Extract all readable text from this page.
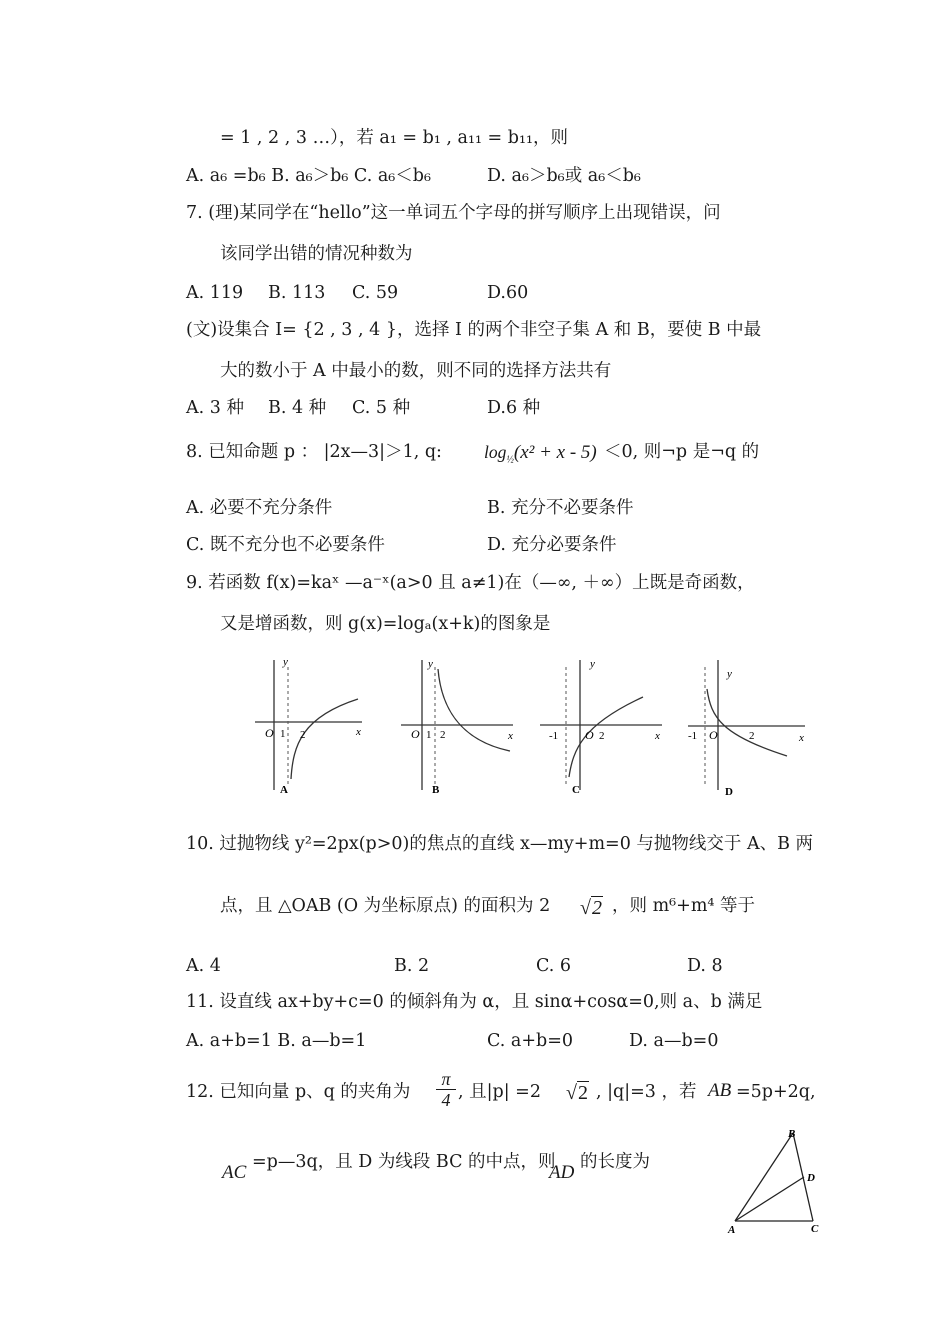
= 1 , 2 , 3 …），若 a₁ = b₁ , a₁₁ = b₁₁，则
A. a₆ =b₆ B. a₆＞b₆ C. a₆＜b₆	D. a₆＞b₆或 a₆＜b₆
7. (理)某同学在“hello”这一单词五个字母的拼写顺序上出现错误，问
该同学出错的情况种数为
A. 119 B. 113 C. 59	D.60
(文)设集合 I= {2 , 3 , 4 }，选择 I 的两个非空子集 A 和 B，要使 B 中最
大的数小于 A 中最小的数，则不同的选择方法共有
A. 3 种 B. 4 种 C. 5 种	D.6 种
8. 已知命题 p ： |2x—3|＞1, q: $\log_{\frac{1}{2}}(x^2 + x - 5) <0$, 则¬p 是¬q 的
A. 必要不充分条件	B. 充分不必要条件
C. 既不充分也不必要条件	D. 充分必要条件
9. 若函数 f(x)=kaˣ —a⁻ˣ(a>0 且 a≠1)在（—∞, ＋∞）上既是奇函数，
又是增函数，则 g(x)=logₐ(x+k)的图象是
y
x
O 1 2
A
y
x
O 1 2
B
y
x
-1 O 2
C
y
x
-1 O	2
D
10. 过抛物线 y²=2px(p>0)的焦点的直线 x—my+m=0 与抛物线交于 A、B 两
点，且 △OAB (O 为坐标原点) 的面积为 2 √2 ，则 m⁶+m⁴ 等于
A. 4	B. 2	C. 6	D. 8
11. 设直线 ax+by+c=0 的倾斜角为 α，且 sinα+cosα=0,则 a、b 满足
A. a+b=1 B. a—b=1	C. a+b=0	D. a—b=0
12. 已知向量 p、q 的夹角为 $\frac{\pi}{4}$ , 且|p| =2 √2 , |q|=3 ，若 AB =5p+2q,
AC =p—3q，且 D 为线段 BC 的中点，则
AD 的长度为
B
D
A	C
